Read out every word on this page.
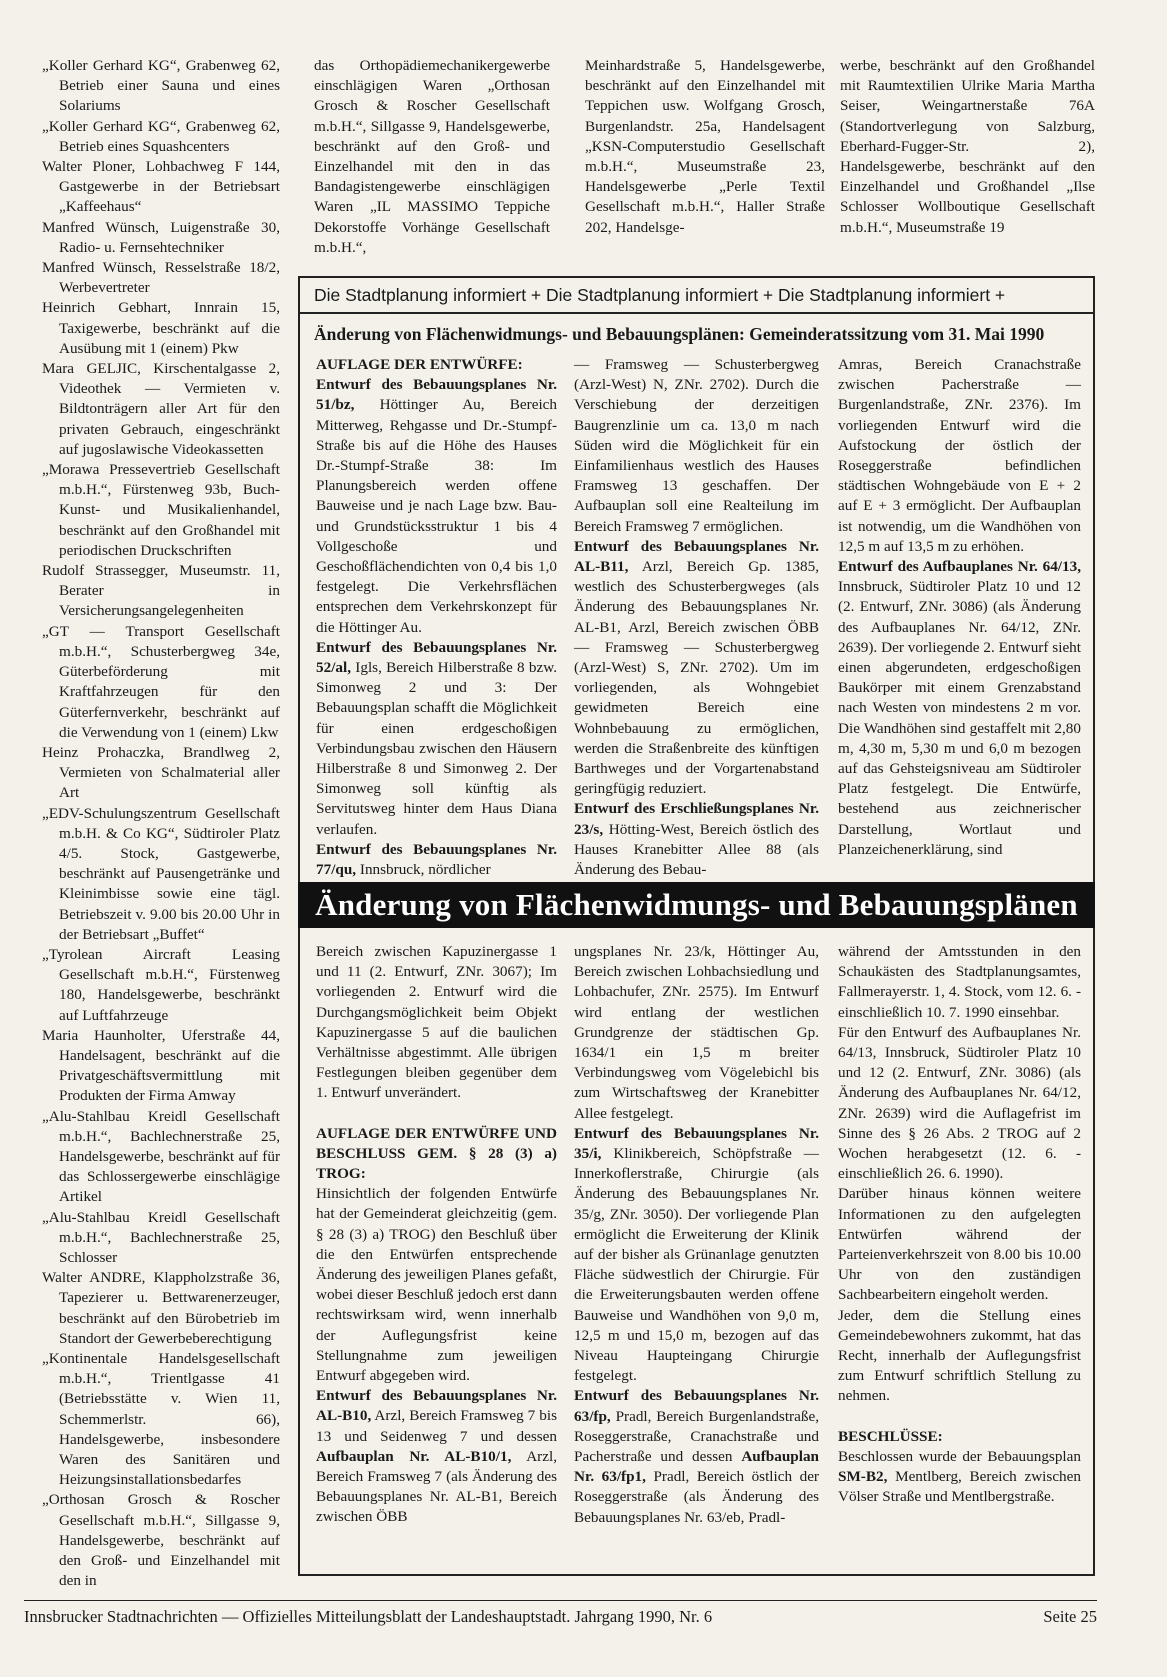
„Koller Gerhard KG“, Grabenweg 62, Betrieb einer Sauna und eines Solariums

„Koller Gerhard KG“, Grabenweg 62, Betrieb eines Squashcenters

Walter Ploner, Lohbachweg F 144, Gastgewerbe in der Betriebsart „Kaffeehaus“

Manfred Wünsch, Luigenstraße 30, Radio- u. Fernsehtechniker

Manfred Wünsch, Resselstraße 18/2, Werbevertreter

Heinrich Gebhart, Innrain 15, Taxigewerbe, beschränkt auf die Ausübung mit 1 (einem) Pkw

Mara GELJIC, Kirschentalgasse 2, Videothek — Vermieten v. Bildtonträgern aller Art für den privaten Gebrauch, eingeschränkt auf jugoslawische Videokassetten

„Morawa Pressevertrieb Gesellschaft m.b.H.“, Fürstenweg 93b, Buch-Kunst- und Musikalienhandel, beschränkt auf den Großhandel mit periodischen Druckschriften

Rudolf Strassegger, Museumstr. 11, Berater in Versicherungsangelegenheiten

„GT — Transport Gesellschaft m.b.H.“, Schusterbergweg 34e, Güterbeförderung mit Kraftfahrzeugen für den Güterfernverkehr, beschränkt auf die Verwendung von 1 (einem) Lkw

Heinz Prohaczka, Brandlweg 2, Vermieten von Schalmaterial aller Art

„EDV-Schulungszentrum Gesellschaft m.b.H. & Co KG“, Südtiroler Platz 4/5. Stock, Gastgewerbe, beschränkt auf Pausengetränke und Kleinimbisse sowie eine tägl. Betriebszeit v. 9.00 bis 20.00 Uhr in der Betriebsart „Buffet“

„Tyrolean Aircraft Leasing Gesellschaft m.b.H.“, Fürstenweg 180, Handelsgewerbe, beschränkt auf Luftfahrzeuge

Maria Haunholter, Uferstraße 44, Handelsagent, beschränkt auf die Privatgeschäftsvermittlung mit Produkten der Firma Amway

„Alu-Stahlbau Kreidl Gesellschaft m.b.H.“, Bachlechnerstraße 25, Handelsgewerbe, beschränkt auf für das Schlossergewerbe einschlägige Artikel

„Alu-Stahlbau Kreidl Gesellschaft m.b.H.“, Bachlechnerstraße 25, Schlosser

Walter ANDRE, Klappholzstraße 36, Tapezierer u. Bettwarenerzeuger, beschränkt auf den Bürobetrieb im Standort der Gewerbeberechtigung

„Kontinentale Handelsgesellschaft m.b.H.“, Trientlgasse 41 (Betriebsstätte v. Wien 11, Schemmerlstr. 66), Handelsgewerbe, insbesondere Waren des Sanitären und Heizungsinstallationsbedarfes

„Orthosan Grosch & Roscher Gesellschaft m.b.H.“, Sillgasse 9, Handelsgewerbe, beschränkt auf den Groß- und Einzelhandel mit den in

das Orthopädiemechanikergewerbe einschlägigen Waren „Orthosan Grosch & Roscher Gesellschaft m.b.H.“, Sillgasse 9, Handelsgewerbe, beschränkt auf den Groß- und Einzelhandel mit den in das Bandagistengewerbe einschlägigen Waren „IL MASSIMO Teppiche Dekorstoffe Vorhänge Gesellschaft m.b.H.“,
Meinhardstraße 5, Handelsgewerbe, beschränkt auf den Einzelhandel mit Teppichen usw. Wolfgang Grosch, Burgenlandstr. 25a, Handelsagent „KSN-Computerstudio Gesellschaft m.b.H.“, Museumstraße 23, Handelsgewerbe „Perle Textil Gesellschaft m.b.H.“, Haller Straße 202, Handelsge-
werbe, beschränkt auf den Großhandel mit Raumtextilien Ulrike Maria Martha Seiser, Weingartnerstaße 76A (Standortverlegung von Salzburg, Eberhard-Fugger-Str. 2), Handelsgewerbe, beschränkt auf den Einzelhandel und Großhandel „Ilse Schlosser Wollboutique Gesellschaft m.b.H.“, Museumstraße 19
Die Stadtplanung informiert + Die Stadtplanung informiert + Die Stadtplanung informiert +
Änderung von Flächenwidmungs- und Bebauungsplänen: Gemeinderatssitzung vom 31. Mai 1990

AUFLAGE DER ENTWÜRFE:

Entwurf des Bebauungsplanes Nr. 51/bz, Höttinger Au, Bereich Mitterweg, Rehgasse und Dr.-Stumpf-Straße bis auf die Höhe des Hauses Dr.-Stumpf-Straße 38: Im Planungsbereich werden offene Bauweise und je nach Lage bzw. Bau- und Grundstücksstruktur 1 bis 4 Vollgeschoße und Geschoßflächendichten von 0,4 bis 1,0 festgelegt. Die Verkehrsflächen entsprechen dem Verkehrskonzept für die Höttinger Au.

Entwurf des Bebauungsplanes Nr. 52/al, Igls, Bereich Hilberstraße 8 bzw. Simonweg 2 und 3: Der Bebauungsplan schafft die Möglichkeit für einen erdgeschoßigen Verbindungsbau zwischen den Häusern Hilberstraße 8 und Simonweg 2. Der Simonweg soll künftig als Servitutsweg hinter dem Haus Diana verlaufen.

Entwurf des Bebauungsplanes Nr. 77/qu, Innsbruck, nördlicher

— Framsweg — Schusterbergweg (Arzl-West) N, ZNr. 2702). Durch die Verschiebung der derzeitigen Baugrenzlinie um ca. 13,0 m nach Süden wird die Möglichkeit für ein Einfamilienhaus westlich des Hauses Framsweg 13 geschaffen. Der Aufbauplan soll eine Realteilung im Bereich Framsweg 7 ermöglichen.

Entwurf des Bebauungsplanes Nr. AL-B11, Arzl, Bereich Gp. 1385, westlich des Schusterbergweges (als Änderung des Bebauungsplanes Nr. AL-B1, Arzl, Bereich zwischen ÖBB — Framsweg — Schusterbergweg (Arzl-West) S, ZNr. 2702). Um im vorliegenden, als Wohngebiet gewidmeten Bereich eine Wohnbebauung zu ermöglichen, werden die Straßenbreite des künftigen Barthweges und der Vorgartenabstand geringfügig reduziert.

Entwurf des Erschließungsplanes Nr. 23/s, Hötting-West, Bereich östlich des Hauses Kranebitter Allee 88 (als Änderung des Bebau-

Amras, Bereich Cranachstraße zwischen Pacherstraße — Burgenlandstraße, ZNr. 2376). Im vorliegenden Entwurf wird die Aufstockung der östlich der Roseggerstraße befindlichen städtischen Wohngebäude von E + 2 auf E + 3 ermöglicht. Der Aufbauplan ist notwendig, um die Wandhöhen von 12,5 m auf 13,5 m zu erhöhen.

Entwurf des Aufbauplanes Nr. 64/13, Innsbruck, Südtiroler Platz 10 und 12 (2. Entwurf, ZNr. 3086) (als Änderung des Aufbauplanes Nr. 64/12, ZNr. 2639). Der vorliegende 2. Entwurf sieht einen abgerundeten, erdgeschoßigen Baukörper mit einem Grenzabstand nach Westen von mindestens 2 m vor. Die Wandhöhen sind gestaffelt mit 2,80 m, 4,30 m, 5,30 m und 6,0 m bezogen auf das Gehsteigsniveau am Südtiroler Platz festgelegt. Die Entwürfe, bestehend aus zeichnerischer Darstellung, Wortlaut und Planzeichenerklärung, sind

Änderung von Flächenwidmungs- und Bebauungsplänen

Bereich zwischen Kapuzinergasse 1 und 11 (2. Entwurf, ZNr. 3067); Im vorliegenden 2. Entwurf wird die Durchgangsmöglichkeit beim Objekt Kapuzinergasse 5 auf die baulichen Verhältnisse abgestimmt. Alle übrigen Festlegungen bleiben gegenüber dem 1. Entwurf unverändert.

AUFLAGE DER ENTWÜRFE UND BESCHLUSS GEM. § 28 (3) a) TROG:

Hinsichtlich der folgenden Entwürfe hat der Gemeinderat gleichzeitig (gem. § 28 (3) a) TROG) den Beschluß über die den Entwürfen entsprechende Änderung des jeweiligen Planes gefaßt, wobei dieser Beschluß jedoch erst dann rechtswirksam wird, wenn innerhalb der Auflegungsfrist keine Stellungnahme zum jeweiligen Entwurf abgegeben wird.

Entwurf des Bebauungsplanes Nr. AL-B10, Arzl, Bereich Framsweg 7 bis 13 und Seidenweg 7 und dessen Aufbauplan Nr. AL-B10/1, Arzl, Bereich Framsweg 7 (als Änderung des Bebauungsplanes Nr. AL-B1, Bereich zwischen ÖBB

ungsplanes Nr. 23/k, Höttinger Au, Bereich zwischen Lohbachsiedlung und Lohbachufer, ZNr. 2575). Im Entwurf wird entlang der westlichen Grundgrenze der städtischen Gp. 1634/1 ein 1,5 m breiter Verbindungsweg vom Vögelebichl bis zum Wirtschaftsweg der Kranebitter Allee festgelegt.

Entwurf des Bebauungsplanes Nr. 35/i, Klinikbereich, Schöpfstraße — Innerkoflerstraße, Chirurgie (als Änderung des Bebauungsplanes Nr. 35/g, ZNr. 3050). Der vorliegende Plan ermöglicht die Erweiterung der Klinik auf der bisher als Grünanlage genutzten Fläche südwestlich der Chirurgie. Für die Erweiterungsbauten werden offene Bauweise und Wandhöhen von 9,0 m, 12,5 m und 15,0 m, bezogen auf das Niveau Haupteingang Chirurgie festgelegt.

Entwurf des Bebauungsplanes Nr. 63/fp, Pradl, Bereich Burgenlandstraße, Roseggerstraße, Cranachstraße und Pacherstraße und dessen Aufbauplan Nr. 63/fp1, Pradl, Bereich östlich der Roseggerstraße (als Änderung des Bebauungsplanes Nr. 63/eb, Pradl-

während der Amtsstunden in den Schaukästen des Stadtplanungsamtes, Fallmerayerstr. 1, 4. Stock, vom 12. 6. - einschließlich 10. 7. 1990 einsehbar.

Für den Entwurf des Aufbauplanes Nr. 64/13, Innsbruck, Südtiroler Platz 10 und 12 (2. Entwurf, ZNr. 3086) (als Änderung des Aufbauplanes Nr. 64/12, ZNr. 2639) wird die Auflagefrist im Sinne des § 26 Abs. 2 TROG auf 2 Wochen herabgesetzt (12. 6. - einschließlich 26. 6. 1990).

Darüber hinaus können weitere Informationen zu den aufgelegten Entwürfen während der Parteienverkehrszeit von 8.00 bis 10.00 Uhr von den zuständigen Sachbearbeitern eingeholt werden.

Jeder, dem die Stellung eines Gemeindebewohners zukommt, hat das Recht, innerhalb der Auflegungsfrist zum Entwurf schriftlich Stellung zu nehmen.

BESCHLÜSSE:

Beschlossen wurde der Bebauungsplan SM-B2, Mentlberg, Bereich zwischen Völser Straße und Mentlbergstraße.

Innsbrucker Stadtnachrichten — Offizielles Mitteilungsblatt der Landeshauptstadt. Jahrgang 1990, Nr. 6	Seite 25
